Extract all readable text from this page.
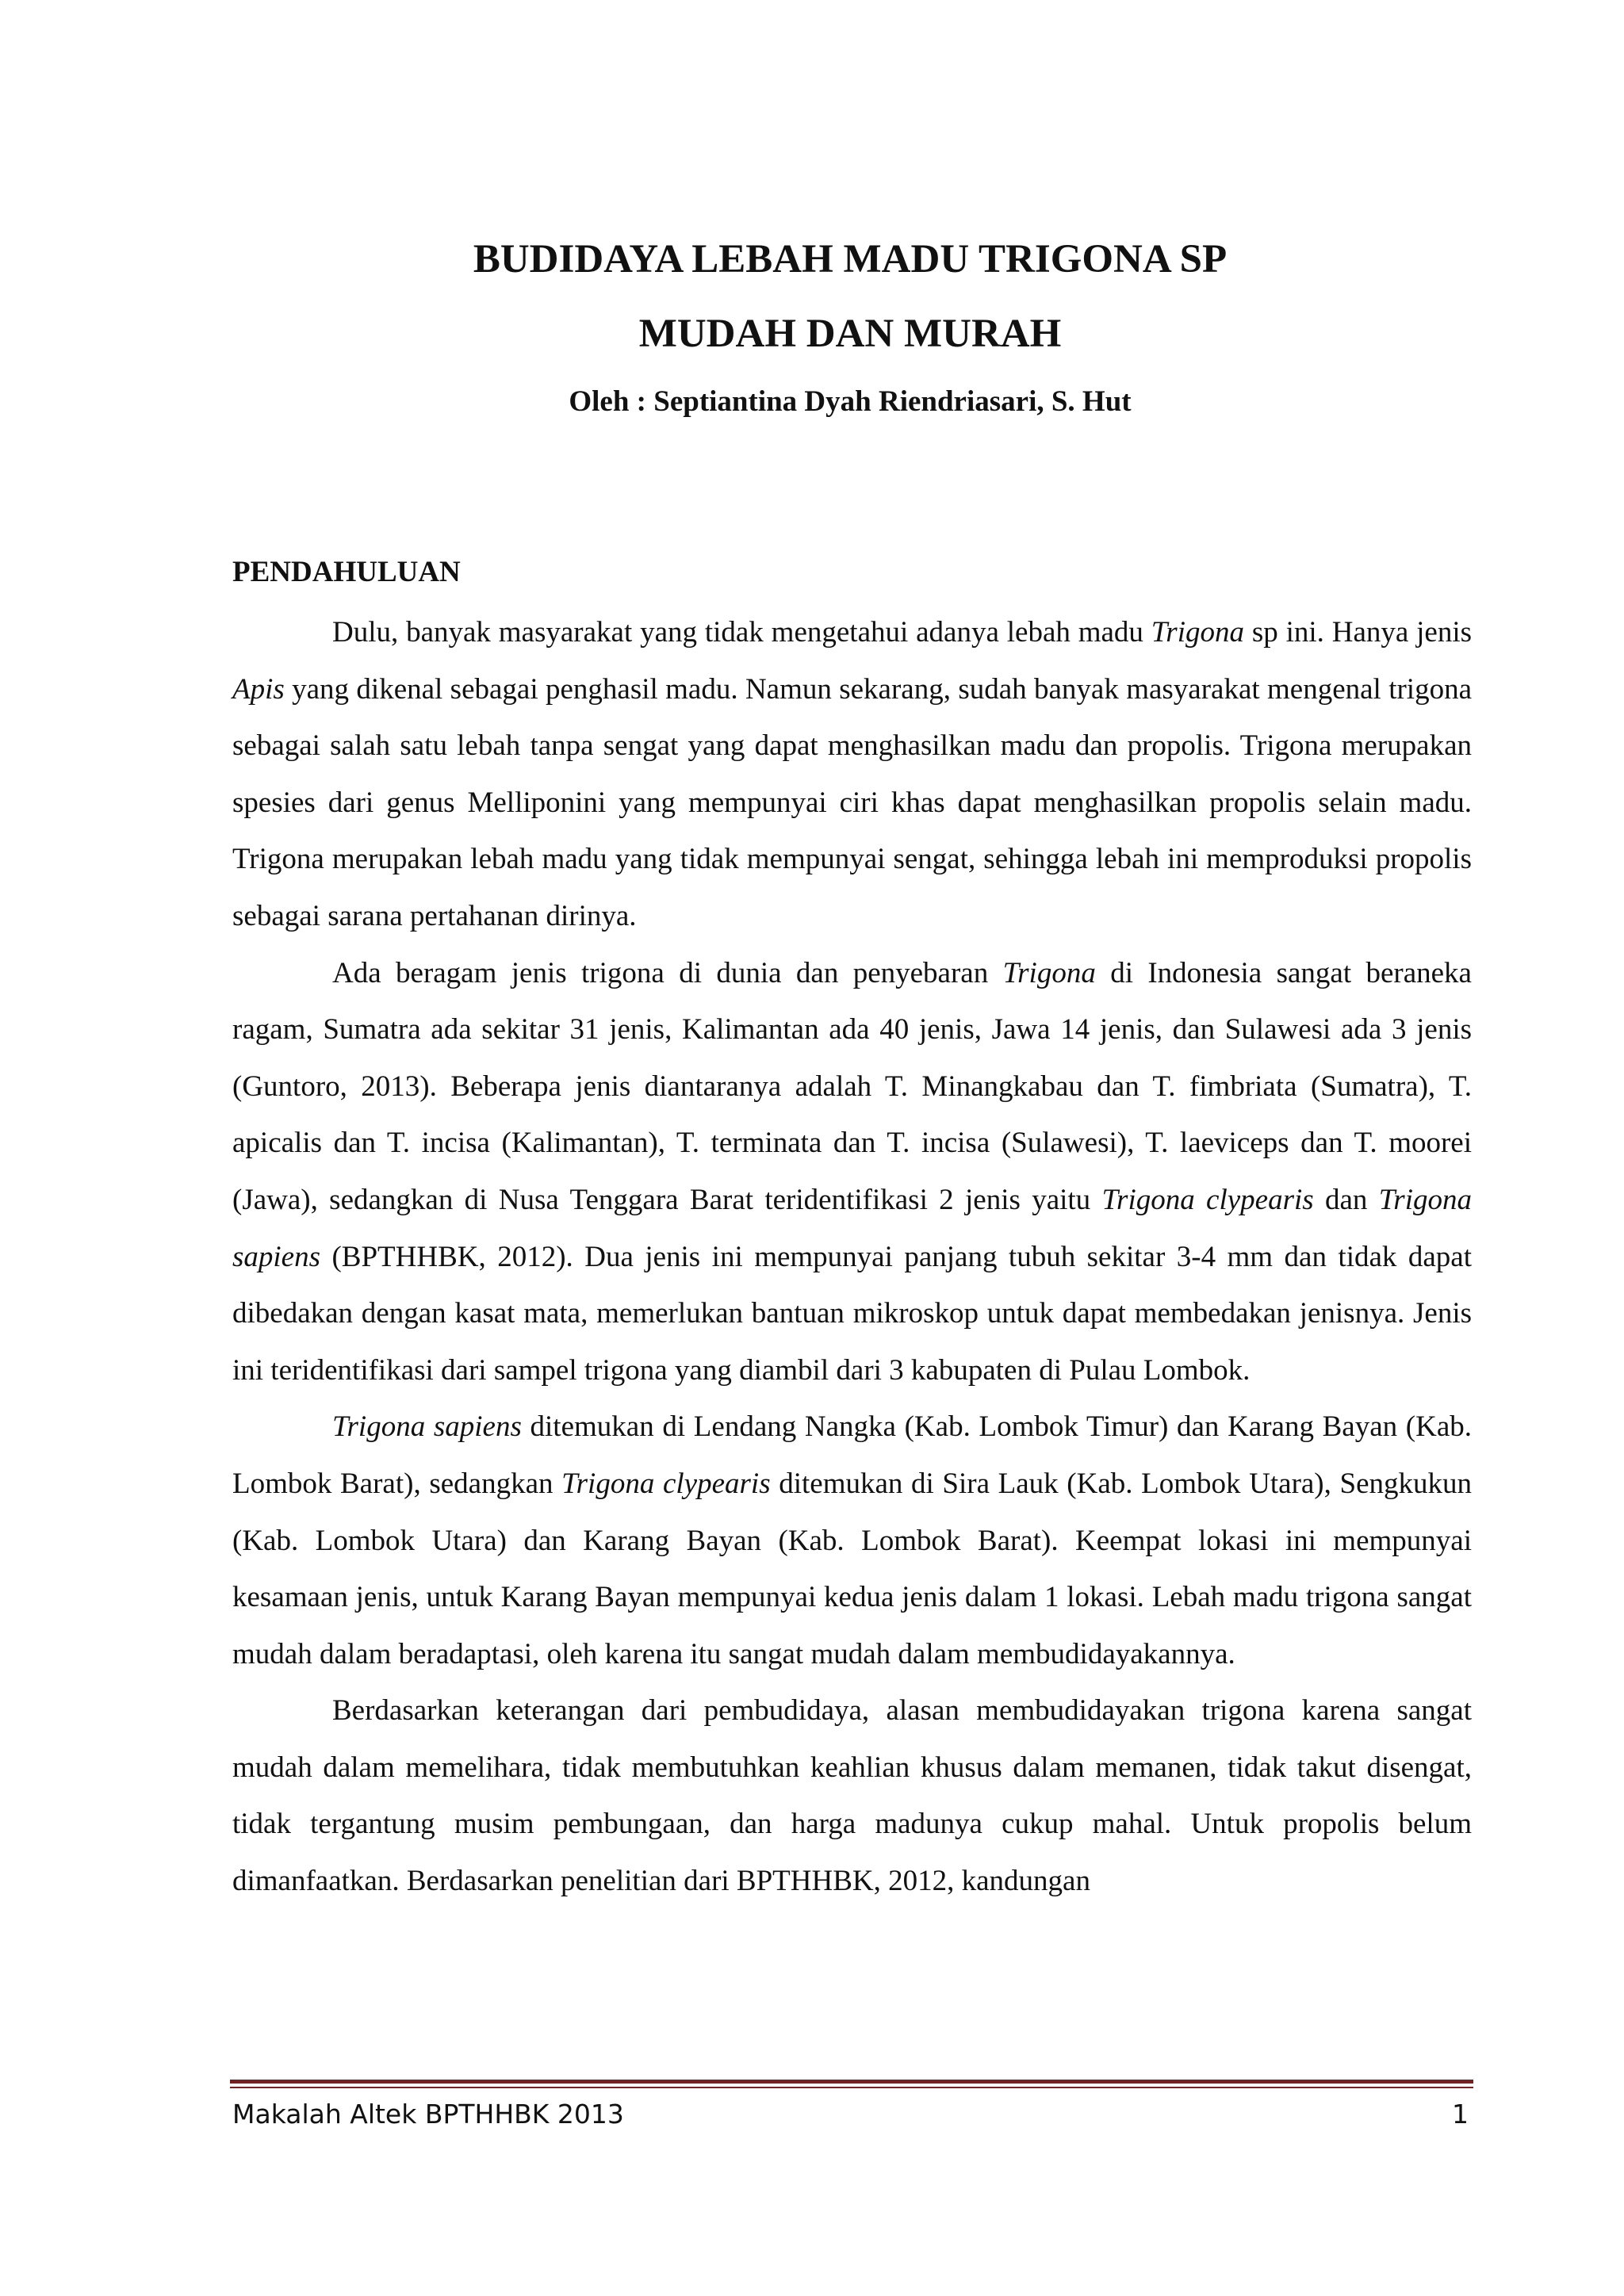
BUDIDAYA LEBAH MADU TRIGONA SP
MUDAH DAN MURAH

Oleh : Septiantina Dyah Riendriasari, S. Hut

PENDAHULUAN

Dulu, banyak masyarakat yang tidak mengetahui adanya lebah madu Trigona sp ini. Hanya jenis Apis yang dikenal sebagai penghasil madu. Namun sekarang, sudah banyak masyarakat mengenal trigona sebagai salah satu lebah tanpa sengat yang dapat menghasilkan madu dan propolis. Trigona merupakan spesies dari genus Melliponini yang mempunyai ciri khas dapat menghasilkan propolis selain madu. Trigona merupakan lebah madu yang tidak mempunyai sengat, sehingga lebah ini memproduksi propolis sebagai sarana pertahanan dirinya.

Ada beragam jenis trigona di dunia dan penyebaran Trigona di Indonesia sangat beraneka ragam, Sumatra ada sekitar 31 jenis, Kalimantan ada 40 jenis, Jawa 14 jenis, dan Sulawesi ada 3 jenis (Guntoro, 2013). Beberapa jenis diantaranya adalah T. Minangkabau dan T. fimbriata (Sumatra), T. apicalis dan T. incisa (Kalimantan), T. terminata dan T. incisa (Sulawesi), T. laeviceps dan T. moorei (Jawa), sedangkan di Nusa Tenggara Barat teridentifikasi 2 jenis yaitu Trigona clypearis dan Trigona sapiens (BPTHHBK, 2012). Dua jenis ini mempunyai panjang tubuh sekitar 3-4 mm dan tidak dapat dibedakan dengan kasat mata, memerlukan bantuan mikroskop untuk dapat membedakan jenisnya. Jenis ini teridentifikasi dari sampel trigona yang diambil dari 3 kabupaten di Pulau Lombok.

Trigona sapiens ditemukan di Lendang Nangka (Kab. Lombok Timur) dan Karang Bayan (Kab. Lombok Barat), sedangkan Trigona clypearis ditemukan di Sira Lauk (Kab. Lombok Utara), Sengkukun (Kab. Lombok Utara) dan Karang Bayan (Kab. Lombok Barat). Keempat lokasi ini mempunyai kesamaan jenis, untuk Karang Bayan mempunyai kedua jenis dalam 1 lokasi. Lebah madu trigona sangat mudah dalam beradaptasi, oleh karena itu sangat mudah dalam membudidayakannya.

Berdasarkan keterangan dari pembudidaya, alasan membudidayakan trigona karena sangat mudah dalam memelihara, tidak membutuhkan keahlian khusus dalam memanen, tidak takut disengat, tidak tergantung musim pembungaan, dan harga madunya cukup mahal. Untuk propolis belum dimanfaatkan. Berdasarkan penelitian dari BPTHHBK, 2012, kandungan

Makalah Altek BPTHHBK 2013	1
